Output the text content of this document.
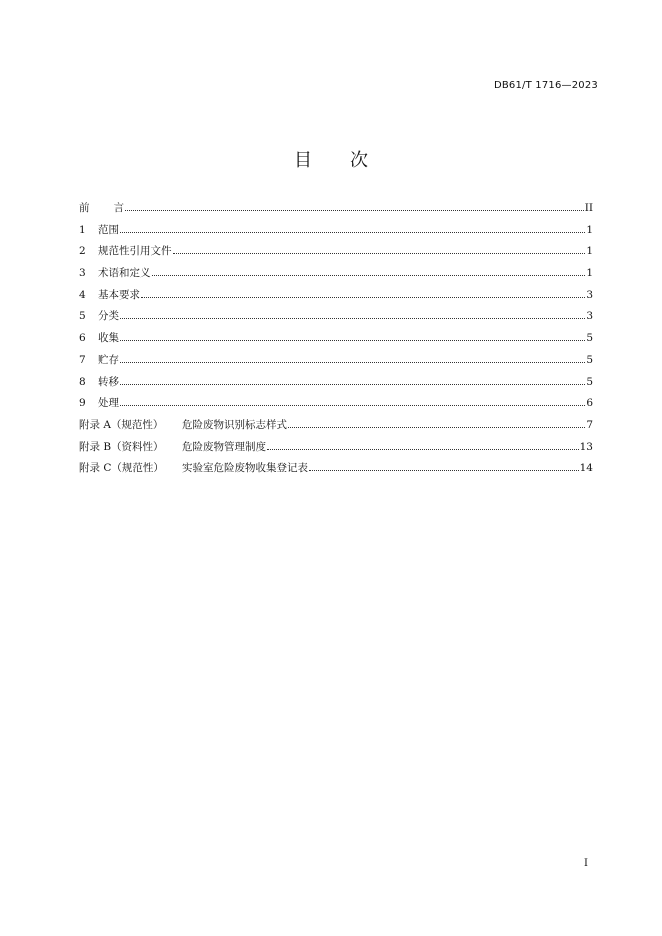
DB61/T 1716—2023
目 次
前 言	II
1	范围	1
2	规范性引用文件	1
3	术语和定义	1
4	基本要求	3
5	分类	3
6	收集	5
7	贮存	5
8	转移	5
9	处理	6
附录 A（规范性）	危险废物识别标志样式	7
附录 B（资料性）	危险废物管理制度	13
附录 C（规范性）	实验室危险废物收集登记表	14
I
